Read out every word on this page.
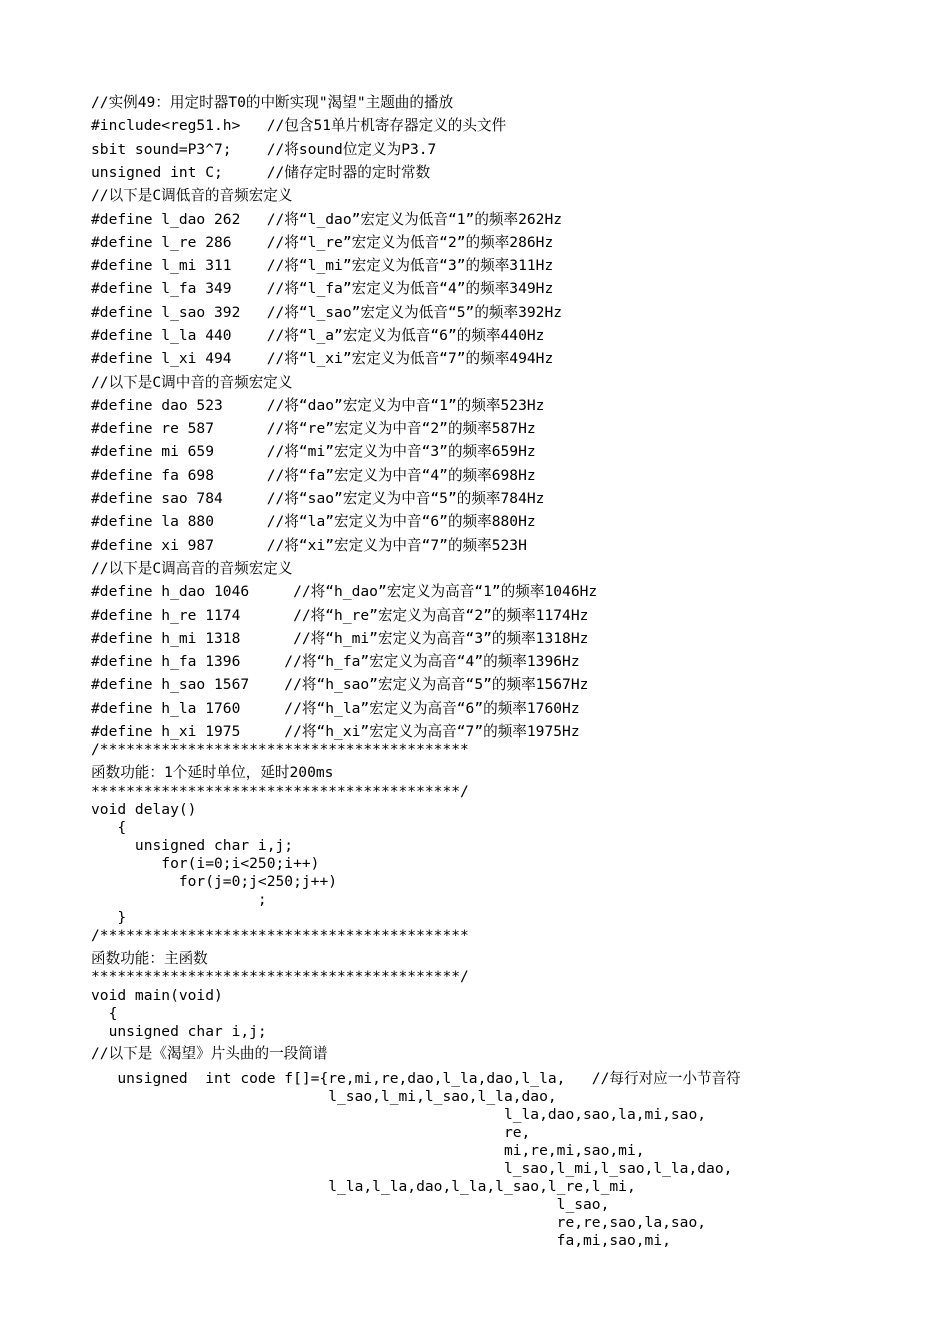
//实例49：用定时器T0的中断实现"渴望"主题曲的播放
#include<reg51.h>   //包含51单片机寄存器定义的头文件
sbit sound=P3^7;    //将sound位定义为P3.7
unsigned int C;     //储存定时器的定时常数
//以下是C调低音的音频宏定义
#define l_dao 262   //将“l_dao”宏定义为低音“1”的频率262Hz
#define l_re 286    //将“l_re”宏定义为低音“2”的频率286Hz
#define l_mi 311    //将“l_mi”宏定义为低音“3”的频率311Hz
#define l_fa 349    //将“l_fa”宏定义为低音“4”的频率349Hz
#define l_sao 392   //将“l_sao”宏定义为低音“5”的频率392Hz
#define l_la 440    //将“l_a”宏定义为低音“6”的频率440Hz
#define l_xi 494    //将“l_xi”宏定义为低音“7”的频率494Hz
//以下是C调中音的音频宏定义
#define dao 523     //将“dao”宏定义为中音“1”的频率523Hz
#define re 587      //将“re”宏定义为中音“2”的频率587Hz
#define mi 659      //将“mi”宏定义为中音“3”的频率659Hz
#define fa 698      //将“fa”宏定义为中音“4”的频率698Hz
#define sao 784     //将“sao”宏定义为中音“5”的频率784Hz
#define la 880      //将“la”宏定义为中音“6”的频率880Hz
#define xi 987      //将“xi”宏定义为中音“7”的频率523H
//以下是C调高音的音频宏定义
#define h_dao 1046     //将“h_dao”宏定义为高音“1”的频率1046Hz
#define h_re 1174      //将“h_re”宏定义为高音“2”的频率1174Hz
#define h_mi 1318      //将“h_mi”宏定义为高音“3”的频率1318Hz
#define h_fa 1396     //将“h_fa”宏定义为高音“4”的频率1396Hz
#define h_sao 1567    //将“h_sao”宏定义为高音“5”的频率1567Hz
#define h_la 1760     //将“h_la”宏定义为高音“6”的频率1760Hz
#define h_xi 1975     //将“h_xi”宏定义为高音“7”的频率1975Hz
/******************************************
函数功能：1个延时单位，延时200ms
******************************************/
void delay()
{
unsigned char i,j;
for(i=0;i<250;i++)
for(j=0;j<250;j++)
;
}
/******************************************
函数功能：主函数
******************************************/
void main(void)
{
unsigned char i,j;
//以下是《渴望》片头曲的一段简谱
unsigned  int code f[]={re,mi,re,dao,l_la,dao,l_la,   //每行对应一小节音符
l_sao,l_mi,l_sao,l_la,dao,
l_la,dao,sao,la,mi,sao,
re,
mi,re,mi,sao,mi,
l_sao,l_mi,l_sao,l_la,dao,
l_la,l_la,dao,l_la,l_sao,l_re,l_mi,
l_sao,
re,re,sao,la,sao,
fa,mi,sao,mi,
